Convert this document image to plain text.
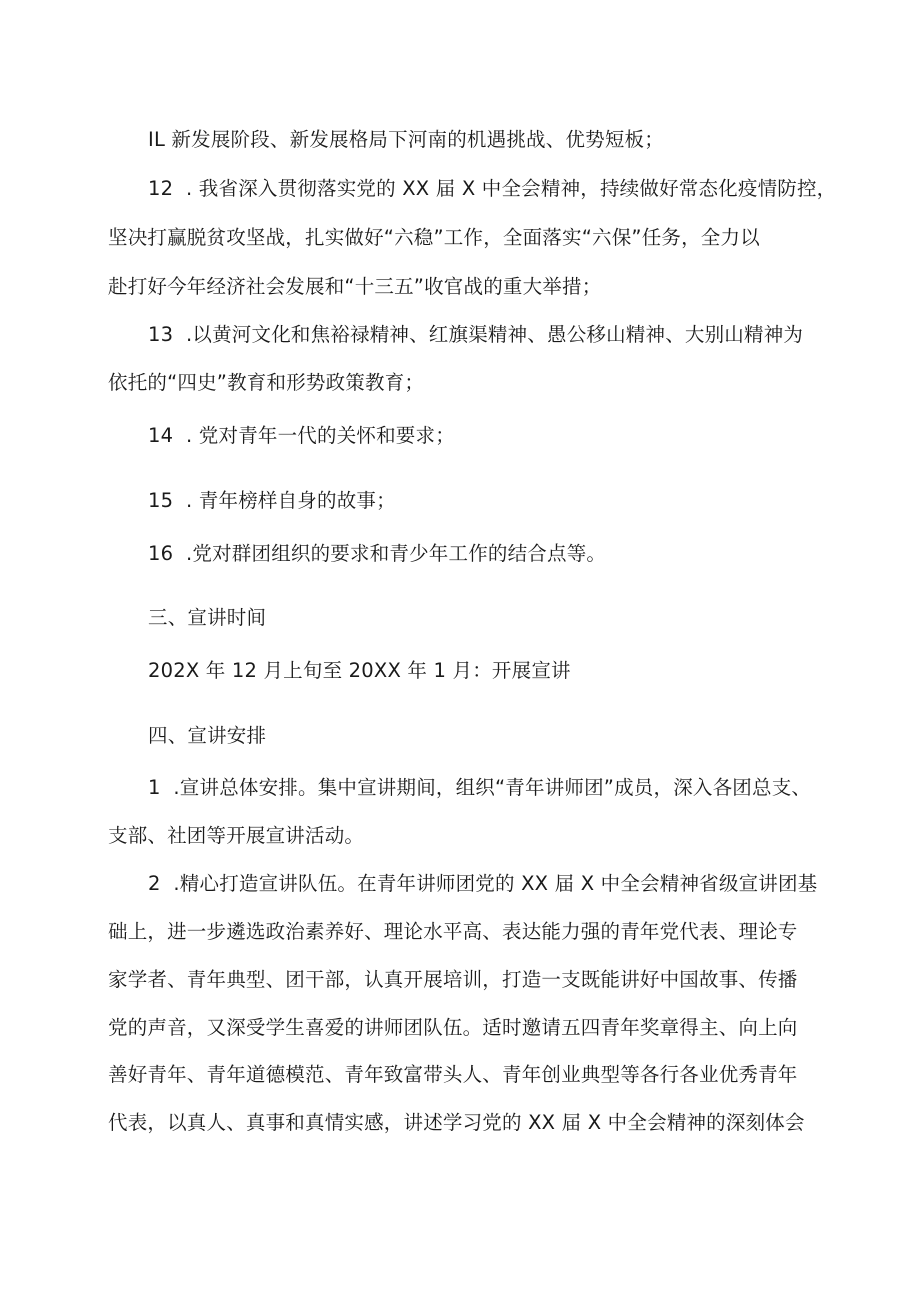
IL 新发展阶段、新发展格局下河南的机遇挑战、优势短板；

12  . 我省深入贯彻落实党的 XX 届 X 中全会精神，持续做好常态化疫情防控，

坚决打赢脱贫攻坚战，扎实做好“六稳”工作，全面落实“六保”任务，全力以

赴打好今年经济社会发展和“十三五”收官战的重大举措；

13  .以黄河文化和焦裕禄精神、红旗渠精神、愚公移山精神、大别山精神为

依托的“四史”教育和形势政策教育；

14  . 党对青年一代的关怀和要求；

15  . 青年榜样自身的故事；

16  .党对群团组织的要求和青少年工作的结合点等。

三、宣讲时间

202X 年 12 月上旬至 20XX 年 1 月：开展宣讲

四、宣讲安排

1  .宣讲总体安排。集中宣讲期间，组织“青年讲师团”成员，深入各团总支、

支部、社团等开展宣讲活动。

2  .精心打造宣讲队伍。在青年讲师团党的 XX 届 X 中全会精神省级宣讲团基

础上，进一步遴选政治素养好、理论水平高、表达能力强的青年党代表、理论专

家学者、青年典型、团干部，认真开展培训，打造一支既能讲好中国故事、传播

党的声音，又深受学生喜爱的讲师团队伍。适时邀请五四青年奖章得主、向上向

善好青年、青年道德模范、青年致富带头人、青年创业典型等各行各业优秀青年

代表，以真人、真事和真情实感，讲述学习党的 XX 届 X 中全会精神的深刻体会
